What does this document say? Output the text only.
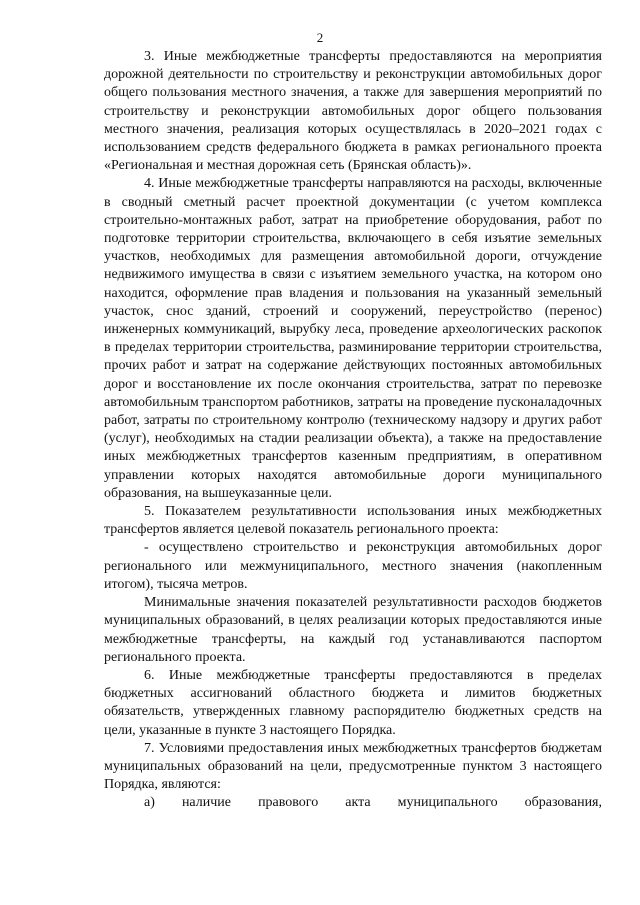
2

3. Иные межбюджетные трансферты предоставляются на мероприятия дорожной деятельности по строительству и реконструкции автомобильных дорог общего пользования местного значения, а также для завершения мероприятий по строительству и реконструкции автомобильных дорог общего пользования местного значения, реализация которых осуществлялась в 2020–2021 годах с использованием средств федерального бюджета в рамках регионального проекта «Региональная и местная дорожная сеть (Брянская область)».

4. Иные межбюджетные трансферты направляются на расходы, включенные в сводный сметный расчет проектной документации (с учетом комплекса строительно-монтажных работ, затрат на приобретение оборудования, работ по подготовке территории строительства, включающего в себя изъятие земельных участков, необходимых для размещения автомобильной дороги, отчуждение недвижимого имущества в связи с изъятием земельного участка, на котором оно находится, оформление прав владения и пользования на указанный земельный участок, снос зданий, строений и сооружений, переустройство (перенос) инженерных коммуникаций, вырубку леса, проведение археологических раскопок в пределах территории строительства, разминирование территории строительства, прочих работ и затрат на содержание действующих постоянных автомобильных дорог и восстановление их после окончания строительства, затрат по перевозке автомобильным транспортом работников, затраты на проведение пусконаладочных работ, затраты по строительному контролю (техническому надзору и других работ (услуг), необходимых на стадии реализации объекта), а также на предоставление иных межбюджетных трансфертов казенным предприятиям, в оперативном управлении которых находятся автомобильные дороги муниципального образования, на вышеуказанные цели.

5. Показателем результативности использования иных межбюджетных трансфертов является целевой показатель регионального проекта:

- осуществлено строительство и реконструкция автомобильных дорог регионального или межмуниципального, местного значения (накопленным итогом), тысяча метров.

Минимальные значения показателей результативности расходов бюджетов муниципальных образований, в целях реализации которых предоставляются иные межбюджетные трансферты, на каждый год устанавливаются паспортом регионального проекта.

6. Иные межбюджетные трансферты предоставляются в пределах бюджетных ассигнований областного бюджета и лимитов бюджетных обязательств, утвержденных главному распорядителю бюджетных средств на цели, указанные в пункте 3 настоящего Порядка.

7. Условиями предоставления иных межбюджетных трансфертов бюджетам муниципальных образований на цели, предусмотренные пунктом 3 настоящего Порядка, являются:

а) наличие правового акта муниципального образования,
